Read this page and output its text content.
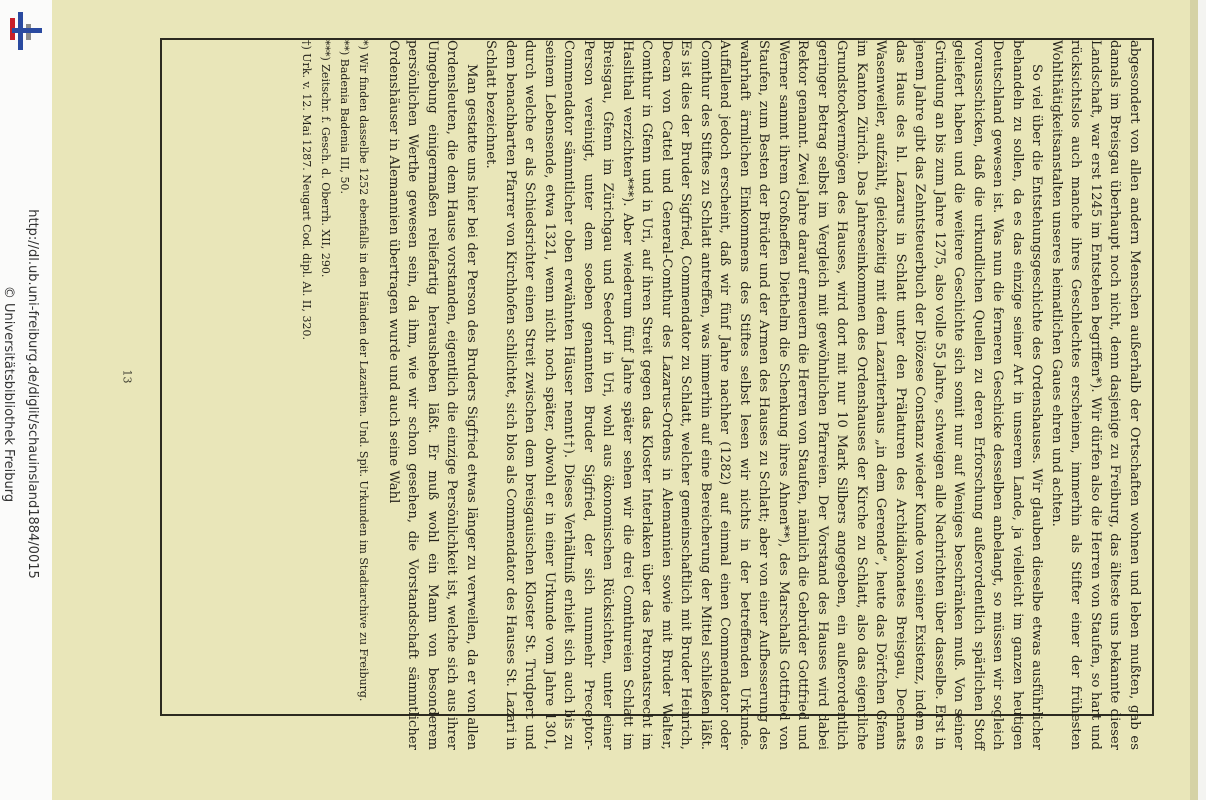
http://dl.ub.uni-freiburg.de/diglit/schauinsland1884/0015
© Universitätsbibliothek Freiburg	13	abgesondert von allen andern Menschen außerhalb der Ortschaften wohnen und leben mußten, gab es damals im Breisgau überhaupt noch nicht, denn dasjenige zu Freiburg, das älteste uns bekannte dieser Landschaft, war erst 1245 im Entstehen begriffen*). Wir dürfen also die Herren von Staufen, so hart und rücksichtslos auch manche ihres Geschlechtes erscheinen, immerhin als Stifter einer der frühesten Wohlthätigkeitsanstalten unseres heimatlichen Gaues ehren und achten.

So viel über die Entstehungsgeschichte des Ordenshauses. Wir glauben dieselbe etwas ausführlicher behandeln zu sollen, da es das einzige seiner Art in unserem Lande, ja vielleicht im ganzen heutigen Deutschland gewesen ist. Was nun die ferneren Geschicke desselben anbelangt, so müssen wir sogleich vorausschicken, daß die urkundlichen Quellen zu deren Erforschung außerordentlich spärlichen Stoff geliefert haben und die weitere Geschichte sich somit nur auf Weniges beschränken muß. Von seiner Gründung an bis zum Jahre 1275, also volle 55 Jahre, schweigen alle Nachrichten über dasselbe. Erst in jenem Jahre gibt das Zehntsteuerbuch der Diözese Constanz wieder Kunde von seiner Existenz, indem es das Haus des hl. Lazarus in Schlatt unter den Prälaturen des Archidiakonates Breisgau, Decanats Wasenweiler, aufzählt, gleichzeitig mit dem Lazariterhaus „in dem Gerende“, heute das Dörfchen Gfenn im Kanton Zürich. Das Jahreseinkommen des Ordenshauses der Kirche zu Schlatt, also das eigentliche Grundstockvermögen des Hauses, wird dort mit nur 10 Mark Silbers angegeben, ein außerordentlich geringer Betrag selbst im Vergleich mit gewöhnlichen Pfarreien. Der Vorstand des Hauses wird dabei Rektor genannt. Zwei Jahre darauf erneuern die Herren von Staufen, nämlich die Gebrüder Gottfried und Werner sammt ihrem Großneffen Diethelm die Schenkung ihres Ahnen**), des Marschalls Gottfried von Staufen, zum Besten der Brüder und der Armen des Hauses zu Schlatt; aber von einer Aufbesserung des wahrhaft ärmlichen Einkommens des Stiftes selbst lesen wir nichts in der betreffenden Urkunde. Auffallend jedoch erscheint, daß wir fünf Jahre nachher (1282) auf einmal einen Commendator oder Comthur des Stiftes zu Schlatt antreffen, was immerhin auf eine Bereicherung der Mittel schließen läßt. Es ist dies der Bruder Sigfried, Commendator zu Schlatt, welcher gemeinschaftlich mit Bruder Heinrich, Decan von Cattel und General-Comthur des Lazarus-Ordens in Alemannien sowie mit Bruder Walter, Comthur in Gfenn und in Uri, auf ihren Streit gegen das Kloster Interlaken über das Patronatsrecht im Haslithal verzichten***). Aber wiederum fünf Jahre später sehen wir die drei Comthureien Schlatt im Breisgau, Gfenn im Zürichgau und Seedorf in Uri, wohl aus ökonomischen Rücksichten, unter einer Person vereinigt, unter dem soeben genannten Bruder Sigfried, der sich nunmehr Preceptor-Commendator sämmtlicher oben erwähnten Häuser nennt†). Dieses Verhältniß erhielt sich auch bis zu seinem Lebensende, etwa 1321, wenn nicht noch später, obwohl er in einer Urkunde vom Jahre 1301, durch welche er als Schiedsrichter einen Streit zwischen dem breisgauischen Kloster St. Trudpert und dem benachbarten Pfarrer von Kirchhofen schlichtet, sich blos als Commendator des Hauses St. Lazari in Schlatt bezeichnet.

Man gestatte uns hier bei der Person des Bruders Sigfried etwas länger zu verweilen, da er von allen Ordensleuten, die dem Hause vorstanden, eigentlich die einzige Persönlichkeit ist, welche sich aus ihrer Umgebung einigermaßen reliefartig herausheben läßt. Er muß wohl ein Mann von besonderem persönlichen Werthe gewesen sein, da ihm, wie wir schon gesehen, die Vorstandschaft sämmtlicher Ordenshäuser in Alemannien übertragen wurde und auch seine Wahl

*) Wir finden dasselbe 1252 ebenfalls in den Händen der Lazariten. Und. Spit. Urkunden im Stadtarchive zu Freiburg.

**) Badenia Badenia III, 50.

***) Zeitschr. f. Gesch. d. Oberrh. XII, 290.

†) Urk. v. 12. Mai 1287. Neugart Cod. dipl. Al. II, 320.
